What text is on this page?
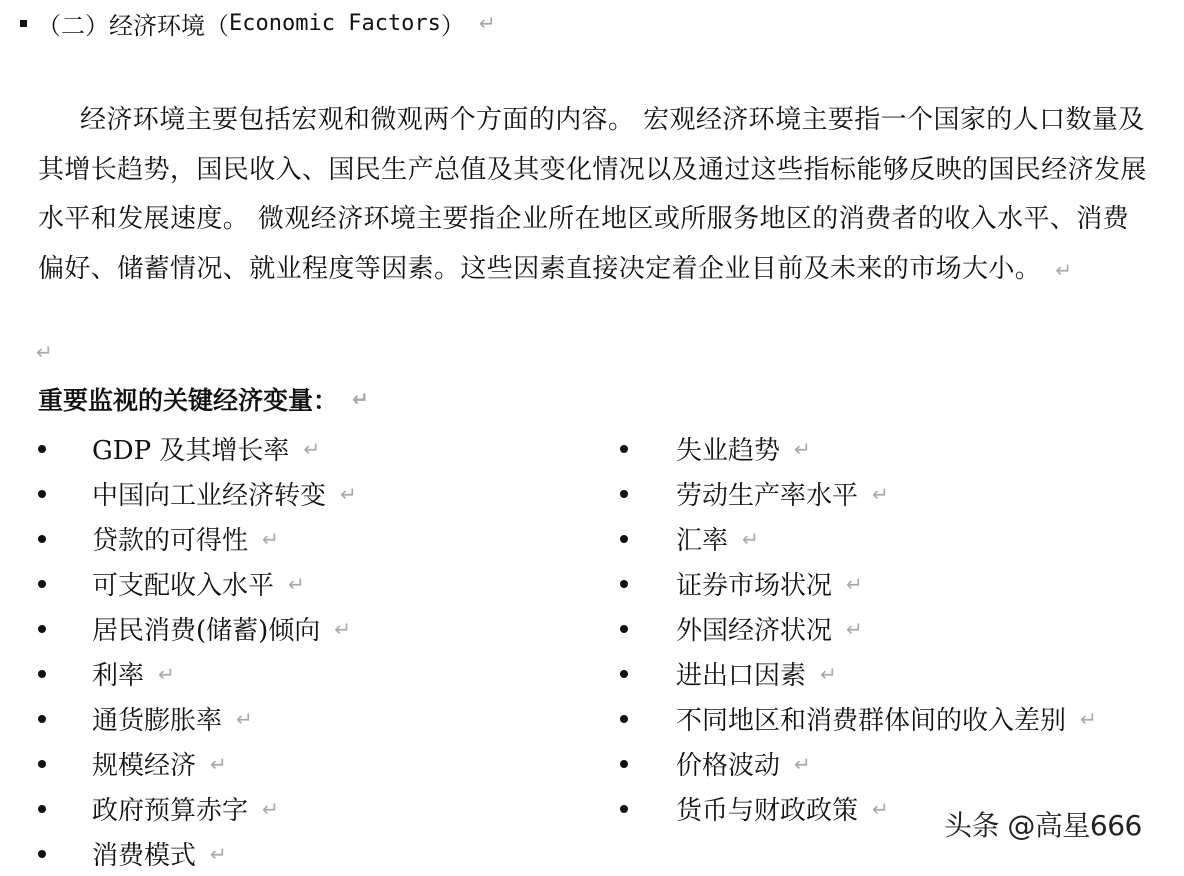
（二）经济环境（ Economic Factors ） ↵
经济环境主要包括宏观和微观两个方面的内容。 宏观经济环境主要指一个国家的人口数量及其增长趋势，国民收入、国民生产总值及其变化情况以及通过这些指标能够反映的国民经济发展水平和发展速度。 微观经济环境主要指企业所在地区或所服务地区的消费者的收入水平、消费偏好、储蓄情况、就业程度等因素。这些因素直接决定着企业目前及未来的市场大小。 ↵
↵
重要监视的关键经济变量： ↵
GDP 及其增长率 ↵
中国向工业经济转变 ↵
贷款的可得性 ↵
可支配收入水平 ↵
居民消费(储蓄)倾向 ↵
利率 ↵
通货膨胀率 ↵
规模经济 ↵
政府预算赤字 ↵
消费模式 ↵
失业趋势 ↵
劳动生产率水平 ↵
汇率 ↵
证券市场状况 ↵
外国经济状况 ↵
进出口因素 ↵
不同地区和消费群体间的收入差别 ↵
价格波动 ↵
货币与财政政策 ↵
头条 @高星666
